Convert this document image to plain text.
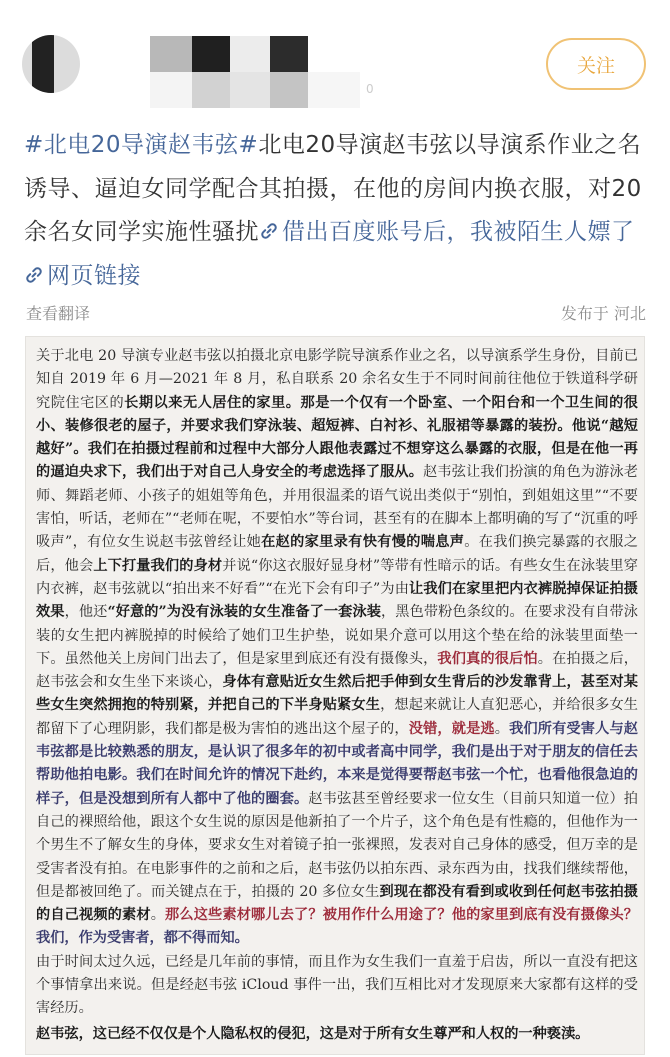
0
关注
#北电20导演赵韦弦#北电20导演赵韦弦以导演系作业之名诱导、逼迫女同学配合其拍摄，在他的房间内换衣服，对20余名女同学实施性骚扰 借出百度账号后，我被陌生人嫖了 网页链接
查看翻译	发布于 河北

关于北电 20 导演专业赵韦弦以拍摄北京电影学院导演系作业之名，以导演系学生身份，目前已知自 2019 年 6 月—2021 年 8 月，私自联系 20 余名女生于不同时间前往他位于铁道科学研究院住宅区的长期以来无人居住的家里。那是一个仅有一个卧室、一个阳台和一个卫生间的很小、装修很老的屋子，并要求我们穿泳装、超短裤、白衬衫、礼服裙等暴露的装扮。他说“越短越好”。我们在拍摄过程前和过程中大部分人跟他表露过不想穿这么暴露的衣服，但是在他一再的逼迫央求下，我们出于对自己人身安全的考虑选择了服从。赵韦弦让我们扮演的角色为游泳老师、舞蹈老师、小孩子的姐姐等角色，并用很温柔的语气说出类似于“别怕，到姐姐这里”“不要害怕，听话，老师在”“老师在呢，不要怕水”等台词，甚至有的在脚本上都明确的写了“沉重的呼吸声”，有位女生说赵韦弦曾经让她在赵的家里录有快有慢的喘息声。在我们换完暴露的衣服之后，他会上下打量我们的身材并说“你这衣服好显身材”等带有性暗示的话。有些女生在泳装里穿内衣裤，赵韦弦就以“拍出来不好看”“在光下会有印子”为由让我们在家里把内衣裤脱掉保证拍摄效果，他还“好意的”为没有泳装的女生准备了一套泳装，黑色带粉色条纹的。在要求没有自带泳装的女生把内裤脱掉的时候给了她们卫生护垫，说如果介意可以用这个垫在给的泳装里面垫一下。虽然他关上房间门出去了，但是家里到底还有没有摄像头，我们真的很后怕。在拍摄之后，赵韦弦会和女生坐下来谈心，身体有意贴近女生然后把手伸到女生背后的沙发靠背上，甚至对某些女生突然拥抱的特别紧，并把自己的下半身贴紧女生，想起来就让人直犯恶心，并给很多女生都留下了心理阴影，我们都是极为害怕的逃出这个屋子的，没错，就是逃。我们所有受害人与赵韦弦都是比较熟悉的朋友，是认识了很多年的初中或者高中同学，我们是出于对于朋友的信任去帮助他拍电影。我们在时间允许的情况下赴约，本来是觉得要帮赵韦弦一个忙，也看他很急迫的样子，但是没想到所有人都中了他的圈套。赵韦弦甚至曾经要求一位女生（目前只知道一位）拍自己的裸照给他，跟这个女生说的原因是他新拍了一个片子，这个角色是有性瘾的，但他作为一个男生不了解女生的身体，要求女生对着镜子拍一张裸照，发表对自己身体的感受，但万幸的是受害者没有拍。在电影事件的之前和之后，赵韦弦仍以拍东西、录东西为由，找我们继续帮他，但是都被回绝了。而关键点在于，拍摄的 20 多位女生到现在都没有看到或收到任何赵韦弦拍摄的自己视频的素材。那么这些素材哪儿去了？被用作什么用途了？他的家里到底有没有摄像头？我们，作为受害者，都不得而知。

由于时间太过久远，已经是几年前的事情，而且作为女生我们一直羞于启齿，所以一直没有把这个事情拿出来说。但是经赵韦弦 iCloud 事件一出，我们互相比对才发现原来大家都有这样的受害经历。

赵韦弦，这已经不仅仅是个人隐私权的侵犯，这是对于所有女生尊严和人权的一种亵渎。
